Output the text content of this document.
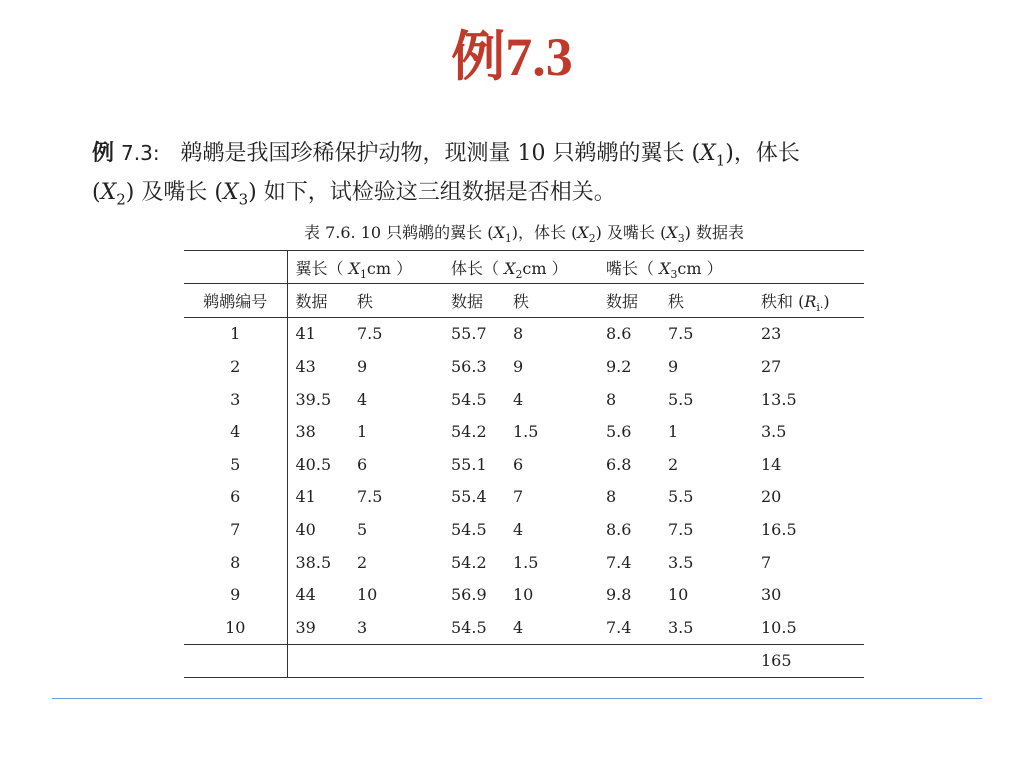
例7.3

例 7.3: 鹈鹕是我国珍稀保护动物，现测量 10 只鹈鹕的翼长 $(X_1)$，体长
$(X_2)$ 及嘴长 $(X_3)$ 如下，试检验这三组数据是否相关。

表 7.6. 10 只鹈鹕的翼长 $(X_1)$，体长 $(X_2)$ 及嘴长 $(X_3)$ 数据表
	翼长（ $X_1cm$ ）		体长（ $X_2cm$ ）		嘴长（ $X_3cm$ ）		
鹈鹕编号	数据	秩	数据	秩	数据	秩	秩和 $(R_{i\cdot})$
1	41	7.5	55.7	8	8.6	7.5	23
2	43	9	56.3	9	9.2	9	27
3	39.5	4	54.5	4	8	5.5	13.5
4	38	1	54.2	1.5	5.6	1	3.5
5	40.5	6	55.1	6	6.8	2	14
6	41	7.5	55.4	7	8	5.5	20
7	40	5	54.5	4	8.6	7.5	16.5
8	38.5	2	54.2	1.5	7.4	3.5	7
9	44	10	56.9	10	9.8	10	30
10	39	3	54.5	4	7.4	3.5	10.5
							165
